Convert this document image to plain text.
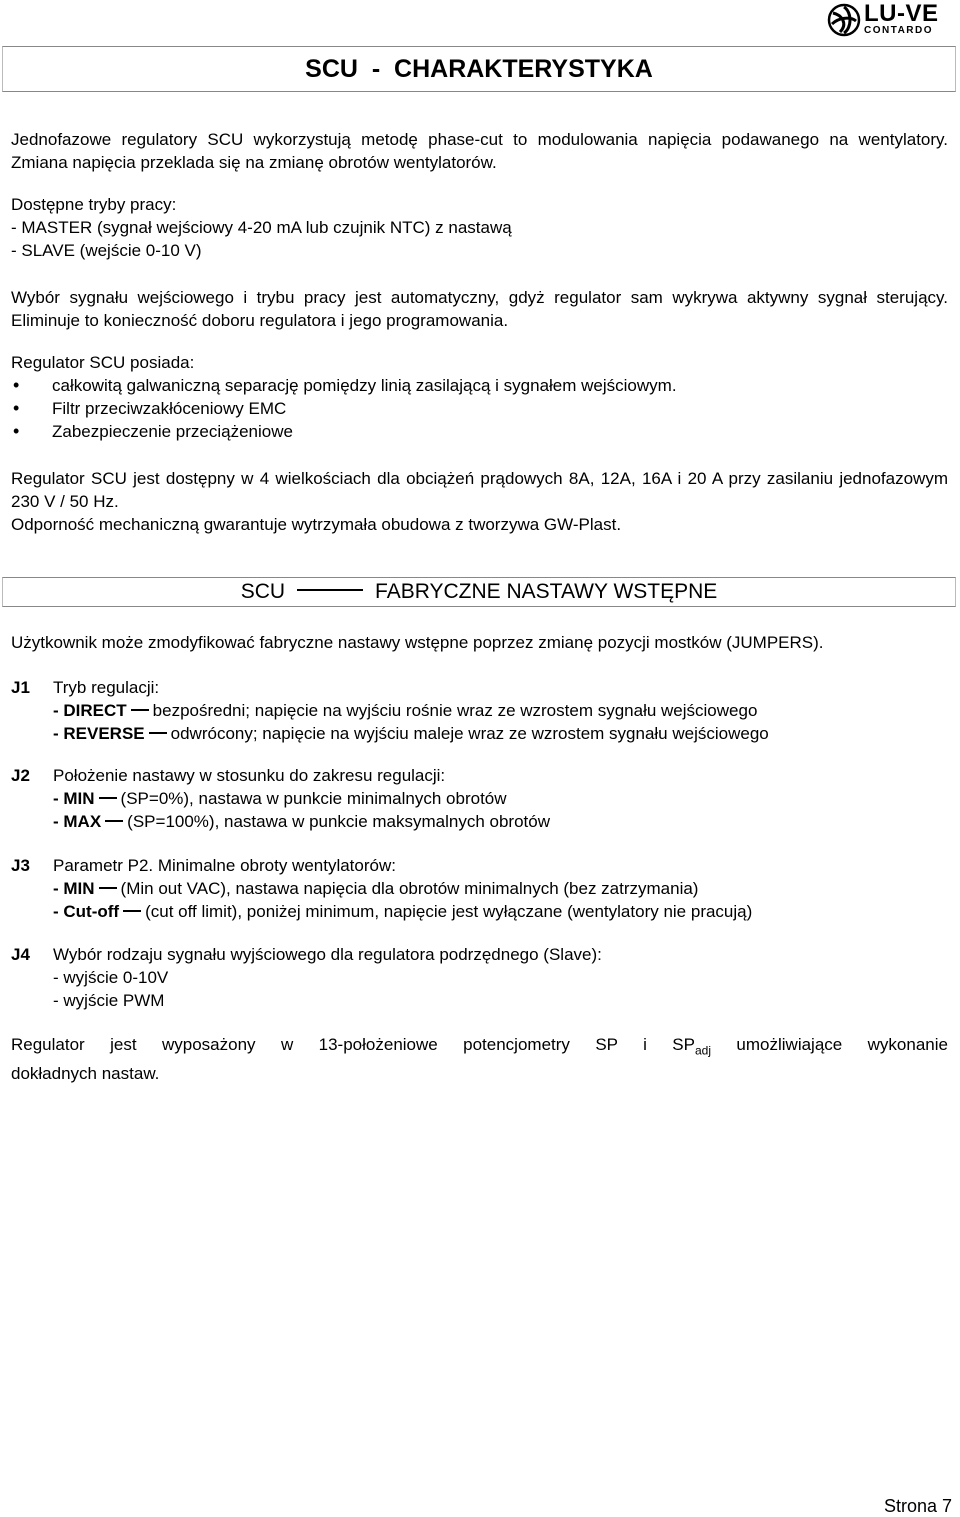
LU-VE
CONTARDO
SCU  -  CHARAKTERYSTYKA

Jednofazowe regulatory SCU wykorzystują metodę phase-cut to modulowania napięcia podawanego na wentylatory. Zmiana napięcia przeklada się na zmianę obrotów wentylatorów.

Dostępne tryby pracy:
- MASTER (sygnał wejściowy 4-20 mA lub czujnik NTC) z nastawą
- SLAVE (wejście 0-10 V)

Wybór sygnału wejściowego i trybu pracy jest automatyczny, gdyż regulator sam wykrywa aktywny sygnał sterujący. Eliminuje to konieczność doboru regulatora i jego programowania.

Regulator SCU posiada:
• całkowitą galwaniczną separację pomiędzy linią zasilającą i sygnałem wejściowym.
• Filtr przeciwzakłóceniowy EMC
• Zabezpieczenie przeciążeniowe

Regulator SCU jest dostępny w 4 wielkościach dla obciążeń prądowych 8A, 12A, 16A i 20 A przy zasilaniu jednofazowym 230 V / 50 Hz.

Odporność mechaniczną gwarantuje wytrzymała obudowa z tworzywa GW-Plast.

SCU	FABRYCZNE NASTAWY WSTĘPNE

Użytkownik może zmodyfikować fabryczne nastawy wstępne poprzez zmianę pozycji mostków (JUMPERS).

J1 Tryb regulacji:
- DIRECT bezpośredni; napięcie na wyjściu rośnie wraz ze wzrostem sygnału wejściowego
- REVERSE odwrócony; napięcie na wyjściu maleje wraz ze wzrostem sygnału wejściowego
J2 Położenie nastawy w stosunku do zakresu regulacji:
- MIN (SP=0%), nastawa w punkcie minimalnych obrotów
- MAX (SP=100%), nastawa w punkcie maksymalnych obrotów
J3 Parametr P2. Minimalne obroty wentylatorów:
- MIN (Min out VAC), nastawa napięcia dla obrotów minimalnych (bez zatrzymania)
- Cut-off (cut off limit), poniżej minimum, napięcie jest wyłączane (wentylatory nie pracują)
J4 Wybór rodzaju sygnału wyjściowego dla regulatora podrzędnego (Slave):
- wyjście 0-10V
- wyjście PWM
Regulator jest wyposażony w 13-położeniowe potencjometry SP i $SP_{adj}$ umożliwiające wykonanie
dokładnych nastaw.
Strona 7
